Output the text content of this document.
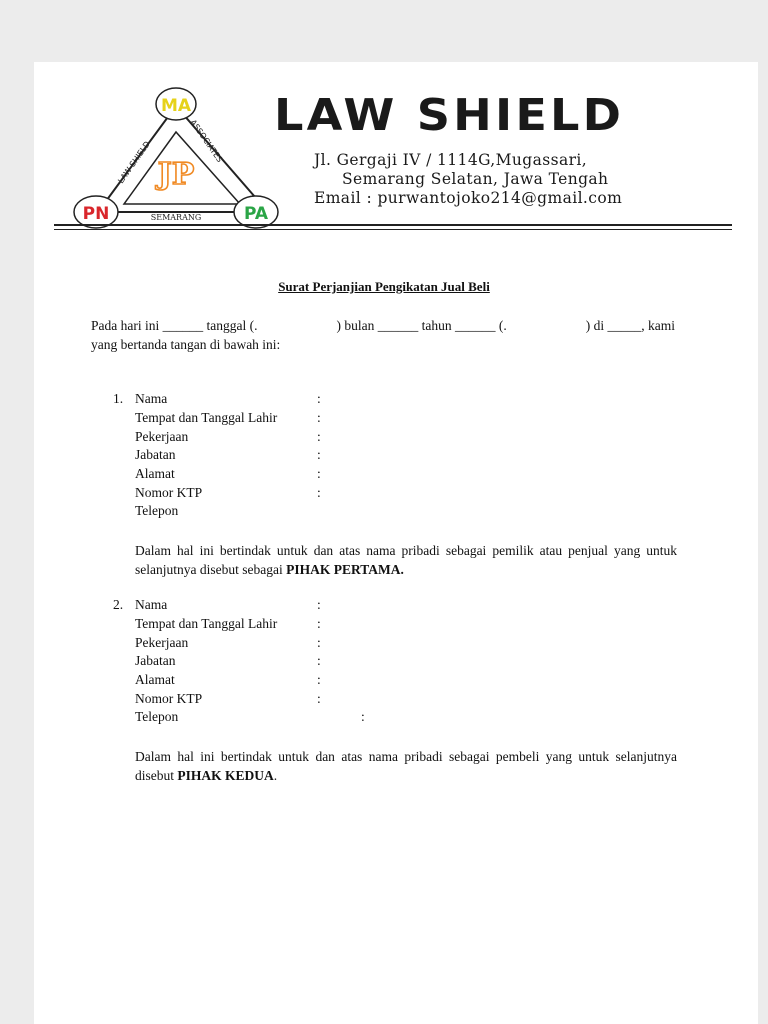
LAW SHIELD	ASSOCIATES
SEMARANG
JP
MA
PN	PA
LAW SHIELD
Jl. Gergaji IV / 1114G,Mugassari,
Semarang Selatan, Jawa Tengah
Email : purwantojoko214@gmail.com
Surat Perjanjian Pengikatan Jual Beli
Pada hari ini ______ tanggal (.	) bulan ______ tahun ______ (.	) di _____, kami
yang bertanda tangan di bawah ini:
1. Nama	:
Tempat dan Tanggal Lahir	:
Pekerjaan	:
Jabatan	:
Alamat	:
Nomor KTP	:
Telepon
Dalam hal ini bertindak untuk dan atas nama pribadi sebagai pemilik atau penjual yang untuk selanjutnya disebut sebagai PIHAK PERTAMA.
2. Nama	:
Tempat dan Tanggal Lahir	:
Pekerjaan	:
Jabatan	:
Alamat	:
Nomor KTP	:
Telepon	:
Dalam hal ini bertindak untuk dan atas nama pribadi sebagai pembeli yang untuk selanjutnya disebut PIHAK KEDUA.
